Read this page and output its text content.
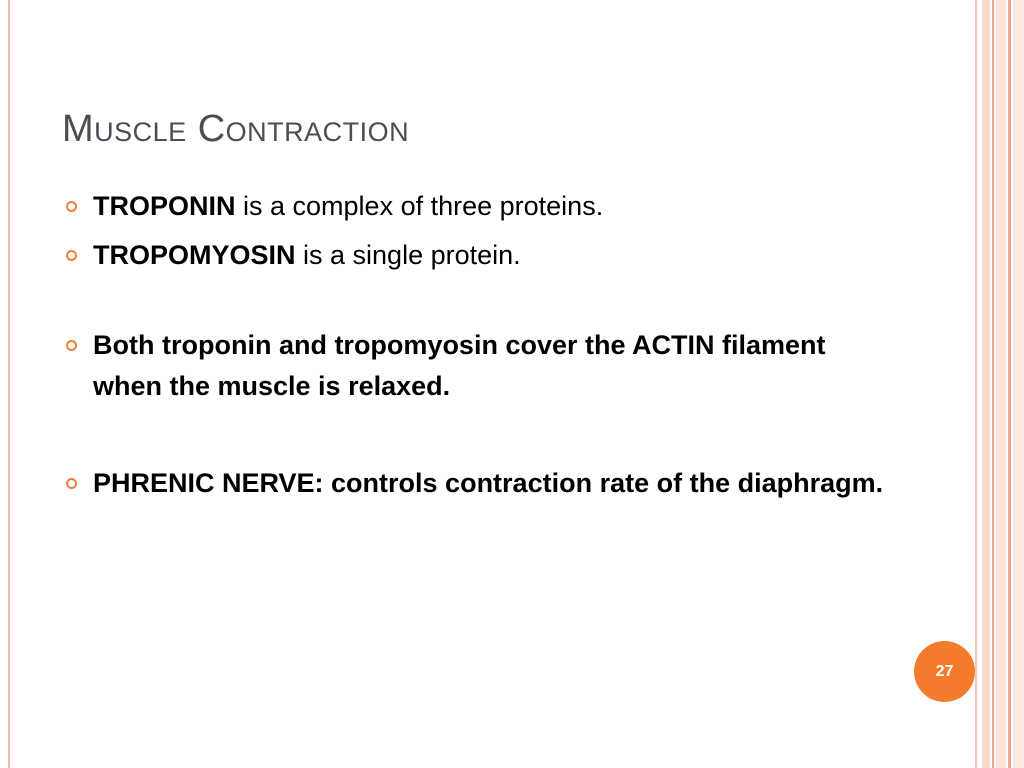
Muscle Contraction
TROPONIN is a complex of three proteins.
TROPOMYOSIN is a single protein.
Both troponin and tropomyosin cover the ACTIN filament when the muscle is relaxed.
PHRENIC NERVE: controls contraction rate of the diaphragm.
27
